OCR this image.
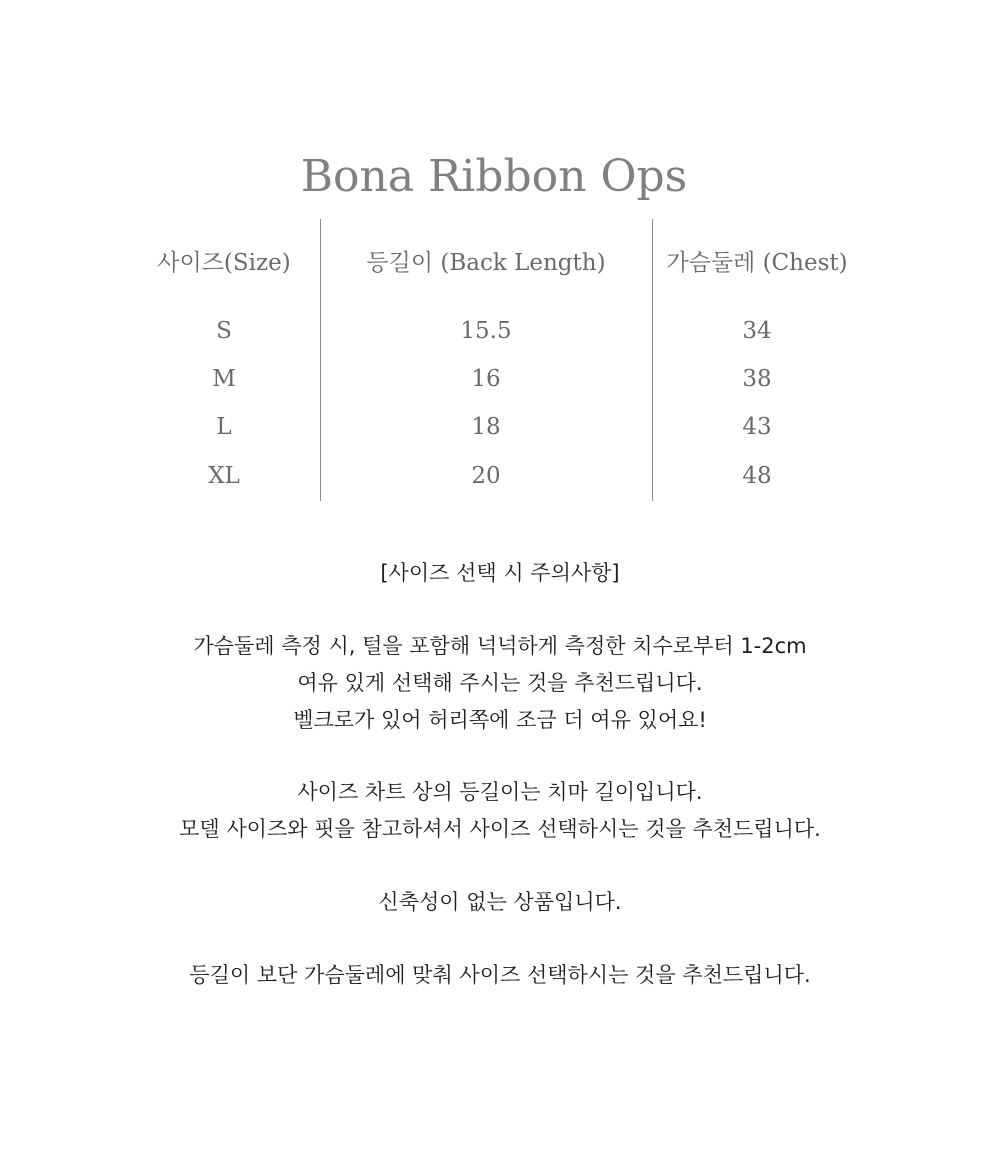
Bona Ribbon Ops
사이즈(Size)
S
M
L
XL
등길이 (Back Length)
15.5
16
18
20
가슴둘레 (Chest)
34
38
43
48
[사이즈 선택 시 주의사항]
가슴둘레 측정 시, 털을 포함해 넉넉하게 측정한 치수로부터 1-2cm
여유 있게 선택해 주시는 것을 추천드립니다.
벨크로가 있어 허리쪽에 조금 더 여유 있어요!
사이즈 차트 상의 등길이는 치마 길이입니다.
모델 사이즈와 핏을 참고하셔서 사이즈 선택하시는 것을 추천드립니다.
신축성이 없는 상품입니다.
등길이 보단 가슴둘레에 맞춰 사이즈 선택하시는 것을 추천드립니다.
